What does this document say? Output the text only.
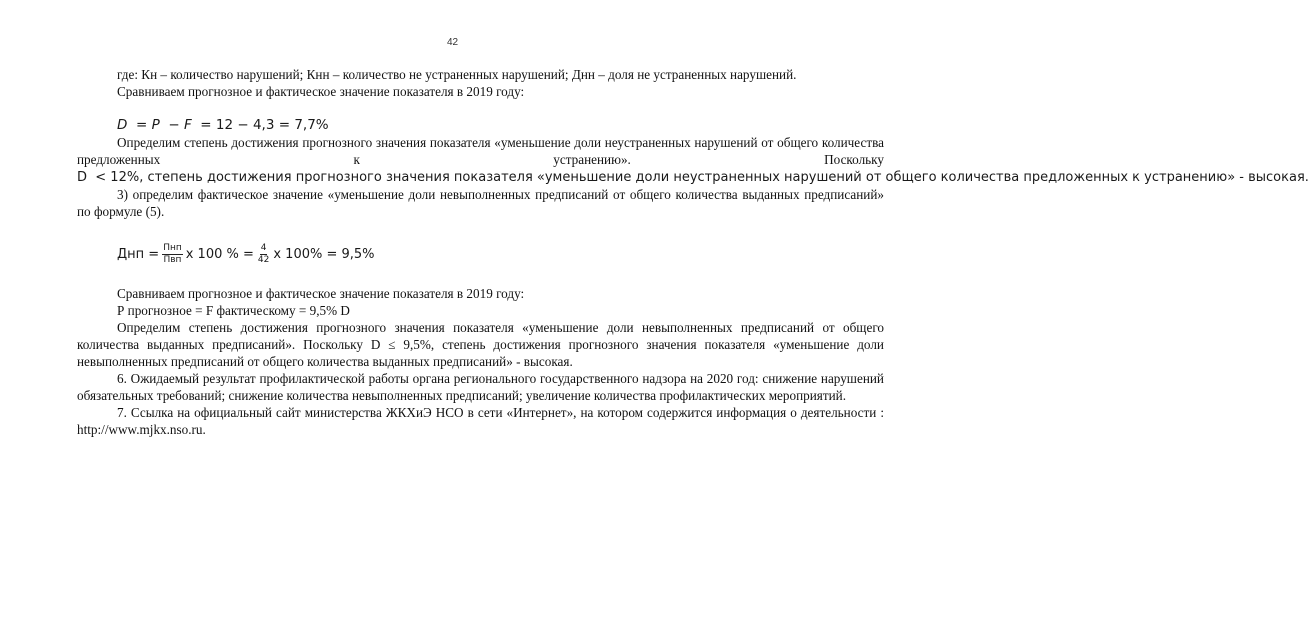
42

где: Кн – количество нарушений; Кнн – количество не устраненных нарушений; Днн – доля не устраненных нарушений.

Сравниваем прогнозное и фактическое значение показателя в 2019 году:

D  = P  − F  = 12 − 4,3 = 7,7%

Определим степень достижения прогнозного значения показателя «уменьшение доли неустраненных нарушений от общего количества предложенных к устранению». Поскольку D  < 12%, степень достижения прогнозного значения показателя «уменьшение доли неустраненных нарушений от общего количества предложенных к устранению» - высокая.

3) определим фактическое значение «уменьшение доли невыполненных предписаний от общего количества выданных предписаний» по формуле (5).

Днп = $\frac{\text{Пнп}}{\text{Пвп}}$ х 100 % = $\frac{4}{42}$ х 100% = 9,5%

Сравниваем прогнозное и фактическое значение показателя в 2019 году:

Р прогнозное = F фактическому = 9,5% D

Определим степень достижения прогнозного значения показателя «уменьшение доли невыполненных предписаний от общего количества выданных предписаний». Поскольку D ≤ 9,5%, степень достижения прогнозного значения показателя «уменьшение доли невыполненных предписаний от общего количества выданных предписаний» - высокая.

6. Ожидаемый результат профилактической работы органа регионального государственного надзора на 2020 год: снижение нарушений обязательных требований; снижение количества невыполненных предписаний; увеличение количества профилактических мероприятий.

7. Ссылка на официальный сайт министерства ЖКХиЭ НСО в сети «Интернет», на котором содержится информация о деятельности : http://www.mjkx.nso.ru.
